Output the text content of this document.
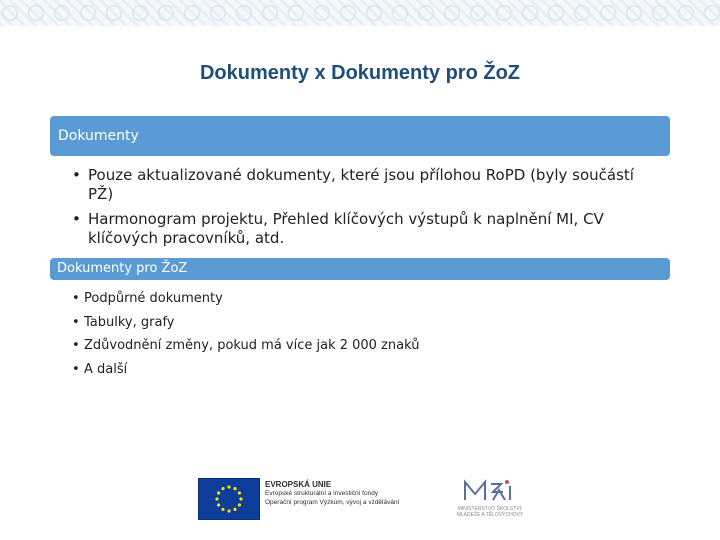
Dokumenty x Dokumenty pro ŽoZ
Dokumenty
• Pouze aktualizované dokumenty, které jsou přílohou RoPD (byly součástí PŽ)
• Harmonogram projektu, Přehled klíčových výstupů k naplnění MI, CV klíčových pracovníků, atd.
Dokumenty pro ŽoZ
• Podpůrné dokumenty
• Tabulky, grafy
• Zdůvodnění změny, pokud má více jak 2 000 znaků
• A další
EVROPSKÁ UNIE
Evropské strukturální a investiční fondy
Operační program Výzkum, vývoj a vzdělávání
MINISTERSTVO ŠKOLSTVÍ,
MLÁDEŽE A TĚLOVÝCHOVY
